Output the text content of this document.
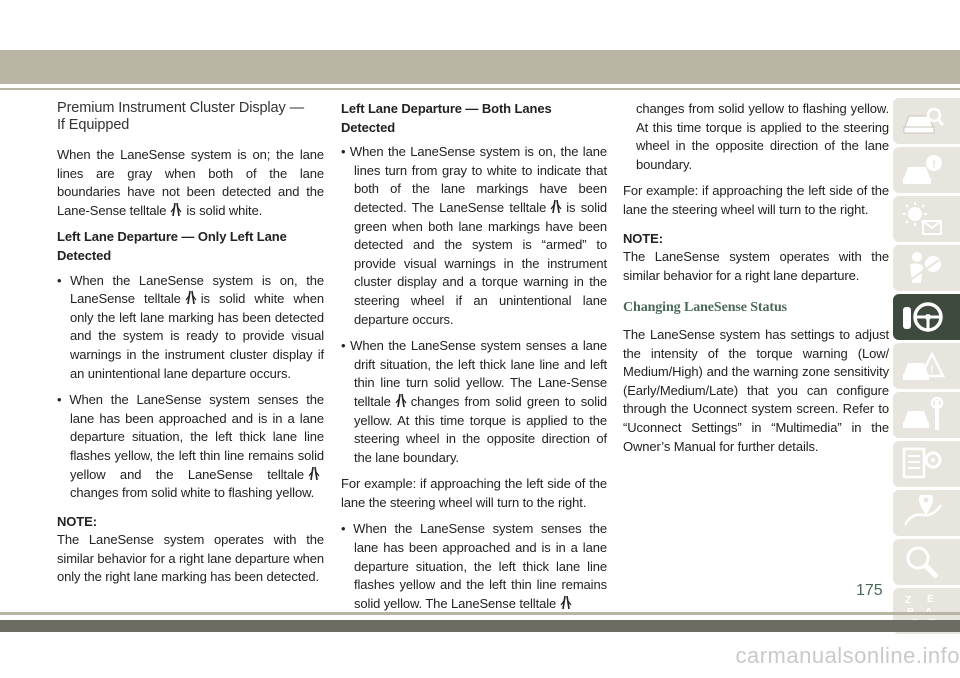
Premium Instrument Cluster Display —
If Equipped

When the LaneSense system is on; the lane lines are gray when both of the lane boundaries have not been detected and the Lane-Sense telltale is solid white.

Left Lane Departure — Only Left Lane Detected
• When the LaneSense system is on, the LaneSense telltale is solid white when only the left lane marking has been detected and the system is ready to provide visual warnings in the instrument cluster display if an unintentional lane departure occurs.
• When the LaneSense system senses the lane has been approached and is in a lane departure situation, the left thick lane line flashes yellow, the left thin line remains solid yellow and the LaneSense telltalechanges from solid white to flashing yellow.
NOTE:

The LaneSense system operates with the similar behavior for a right lane departure when only the right lane marking has been detected.

Left Lane Departure — Both Lanes Detected
• When the LaneSense system is on, the lane lines turn from gray to white to indicate that both of the lane markings have been detected. The LaneSense telltale is solid green when both lane markings have been detected and the system is “armed” to provide visual warnings in the instrument cluster display and a torque warning in the steering wheel if an unintentional lane departure occurs.
• When the LaneSense system senses a lane drift situation, the left thick lane line and left thin line turn solid yellow. The Lane-Sense telltale changes from solid green to solid yellow. At this time torque is applied to the steering wheel in the opposite direction of the lane boundary.

For example: if approaching the left side of the lane the steering wheel will turn to the right.

• When the LaneSense system senses the lane has been approached and is in a lane departure situation, the left thick lane line flashes yellow and the left thin line remains solid yellow. The LaneSense telltale

changes from solid yellow to flashing yellow. At this time torque is applied to the steering wheel in the opposite direction of the lane boundary.

For example: if approaching the left side of the lane the steering wheel will turn to the right.

NOTE:

The LaneSense system operates with the similar behavior for a right lane departure.

Changing LaneSense Status

The LaneSense system has settings to adjust the intensity of the torque warning (Low/ Medium/High) and the warning zone sensitivity (Early/Medium/Late) that you can configure through the Uconnect system screen. Refer to “Uconnect Settings” in “Multimedia” in the Owner’s Manual for further details.

!
!
Z E
175
carmanualsonline.info
